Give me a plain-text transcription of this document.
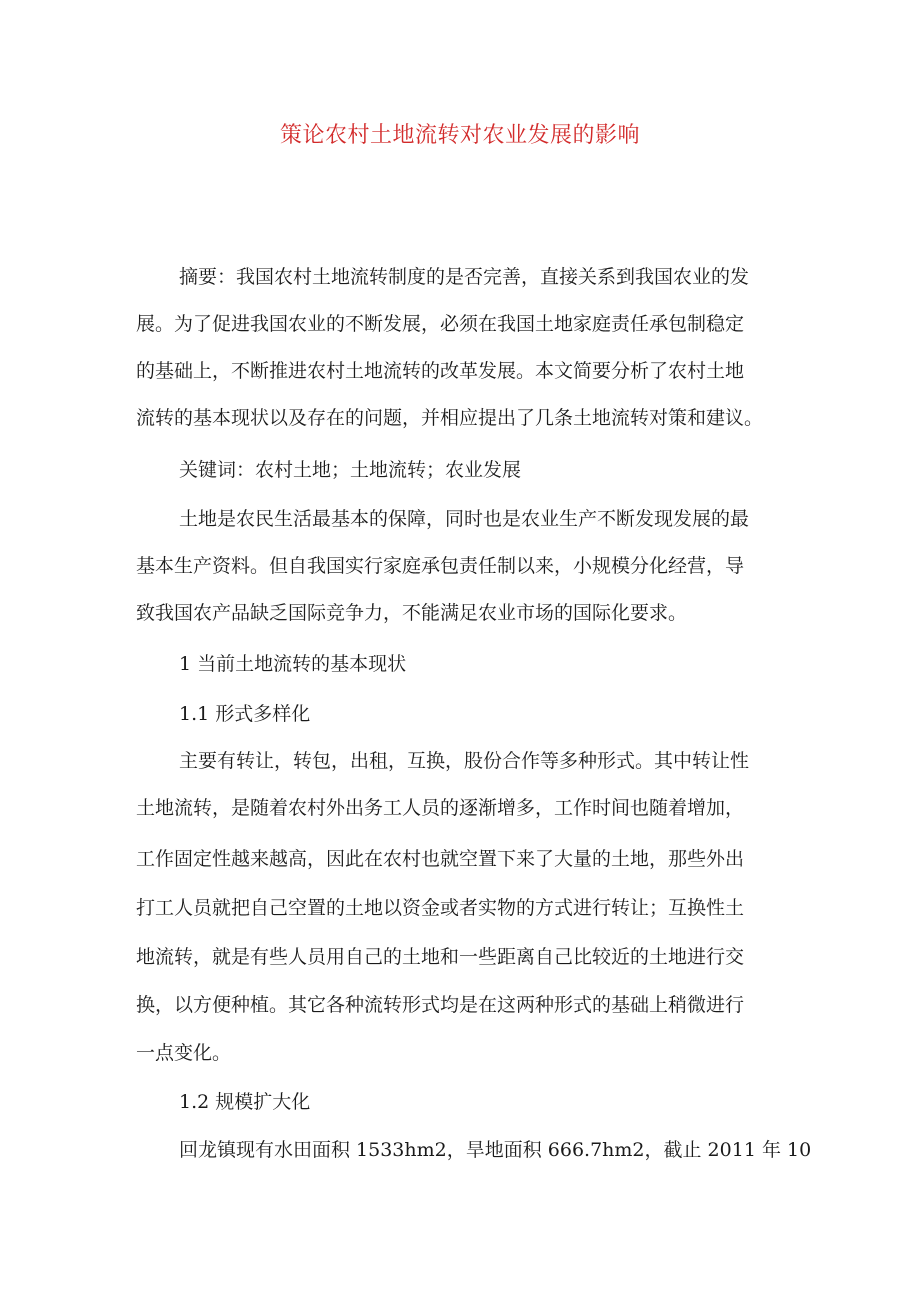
策论农村土地流转对农业发展的影响

摘要：我国农村土地流转制度的是否完善，直接关系到我国农业的发

展。为了促进我国农业的不断发展，必须在我国土地家庭责任承包制稳定

的基础上，不断推进农村土地流转的改革发展。本文简要分析了农村土地

流转的基本现状以及存在的问题，并相应提出了几条土地流转对策和建议。

关键词：农村土地；土地流转；农业发展

土地是农民生活最基本的保障，同时也是农业生产不断发现发展的最

基本生产资料。但自我国实行家庭承包责任制以来，小规模分化经营，导

致我国农产品缺乏国际竞争力，不能满足农业市场的国际化要求。

1 当前土地流转的基本现状

1.1 形式多样化

主要有转让，转包，出租，互换，股份合作等多种形式。其中转让性

土地流转，是随着农村外出务工人员的逐渐增多，工作时间也随着增加，

工作固定性越来越高，因此在农村也就空置下来了大量的土地，那些外出

打工人员就把自己空置的土地以资金或者实物的方式进行转让；互换性土

地流转，就是有些人员用自己的土地和一些距离自己比较近的土地进行交

换，以方便种植。其它各种流转形式均是在这两种形式的基础上稍微进行

一点变化。

1.2 规模扩大化

回龙镇现有水田面积 1533hm2，旱地面积 666.7hm2，截止 2011 年 10
